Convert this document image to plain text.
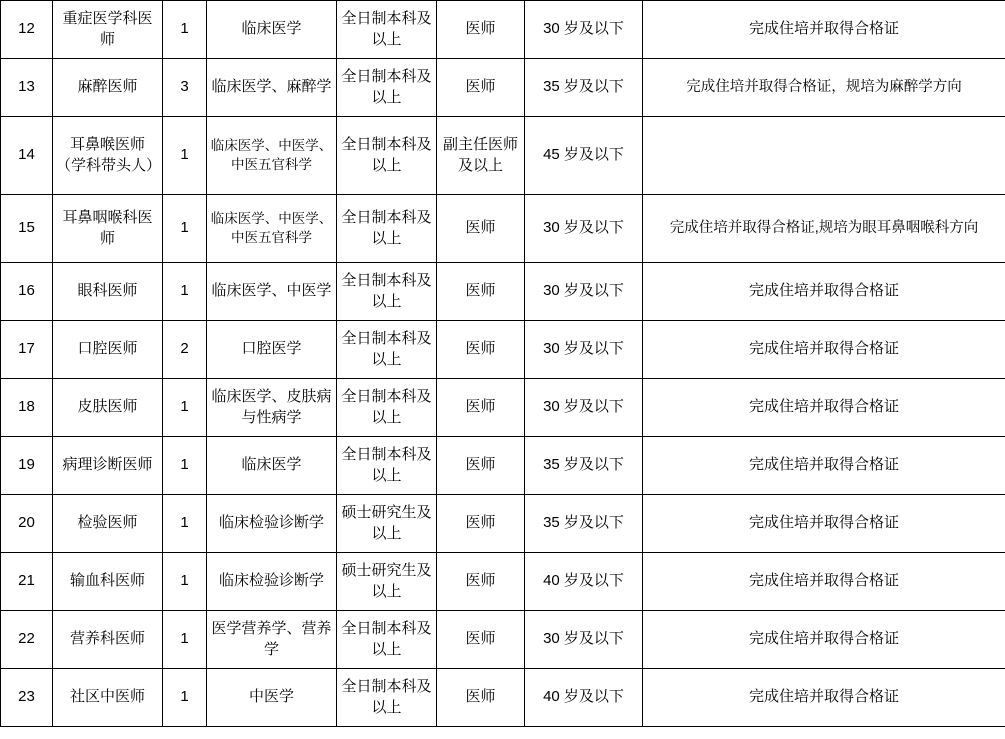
12	重症医学科医师	1	临床医学	全日制本科及以上	医师	30 岁及以下	完成住培并取得合格证
13	麻醉医师	3	临床医学、麻醉学	全日制本科及以上	医师	35 岁及以下	完成住培并取得合格证，规培为麻醉学方向
14	耳鼻喉医师（学科带头人）	1	临床医学、中医学、中医五官科学	全日制本科及以上	副主任医师及以上	45 岁及以下	
15	耳鼻咽喉科医师	1	临床医学、中医学、中医五官科学	全日制本科及以上	医师	30 岁及以下	完成住培并取得合格证,规培为眼耳鼻咽喉科方向
16	眼科医师	1	临床医学、中医学	全日制本科及以上	医师	30 岁及以下	完成住培并取得合格证
17	口腔医师	2	口腔医学	全日制本科及以上	医师	30 岁及以下	完成住培并取得合格证
18	皮肤医师	1	临床医学、皮肤病与性病学	全日制本科及以上	医师	30 岁及以下	完成住培并取得合格证
19	病理诊断医师	1	临床医学	全日制本科及以上	医师	35 岁及以下	完成住培并取得合格证
20	检验医师	1	临床检验诊断学	硕士研究生及以上	医师	35 岁及以下	完成住培并取得合格证
21	输血科医师	1	临床检验诊断学	硕士研究生及以上	医师	40 岁及以下	完成住培并取得合格证
22	营养科医师	1	医学营养学、营养学	全日制本科及以上	医师	30 岁及以下	完成住培并取得合格证
23	社区中医师	1	中医学	全日制本科及以上	医师	40 岁及以下	完成住培并取得合格证
